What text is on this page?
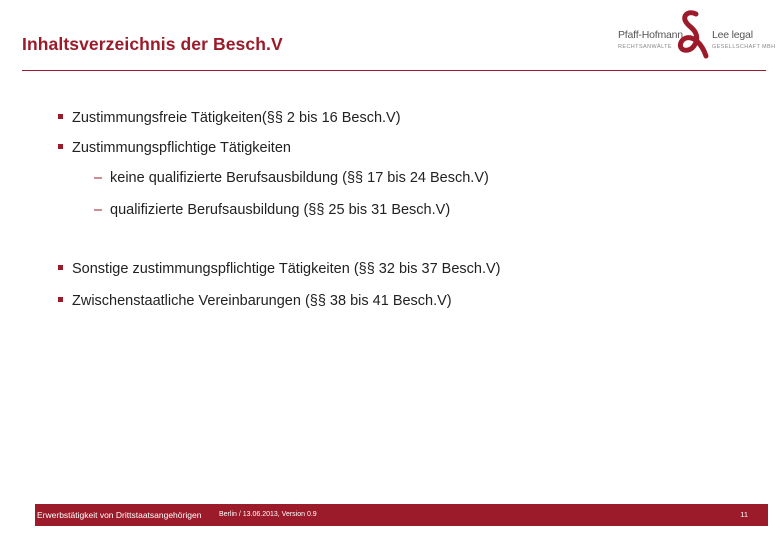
Inhaltsverzeichnis der Besch.V	Pfaff-Hofmann	Lee legal
RECHTSANWÄLTE	GESELLSCHAFT MBH
Zustimmungsfreie Tätigkeiten(§§ 2 bis 16 Besch.V)
Zustimmungspflichtige Tätigkeiten
– keine qualifizierte Berufsausbildung (§§ 17 bis 24 Besch.V)
– qualifizierte Berufsausbildung (§§ 25 bis 31 Besch.V)
Sonstige zustimmungspflichtige Tätigkeiten (§§ 32 bis 37 Besch.V)
Zwischenstaatliche Vereinbarungen (§§ 38 bis 41 Besch.V)
Erwerbstätigkeit von Drittstaatsangehörigen	Berlin / 13.06.2013, Version 0.9	11
